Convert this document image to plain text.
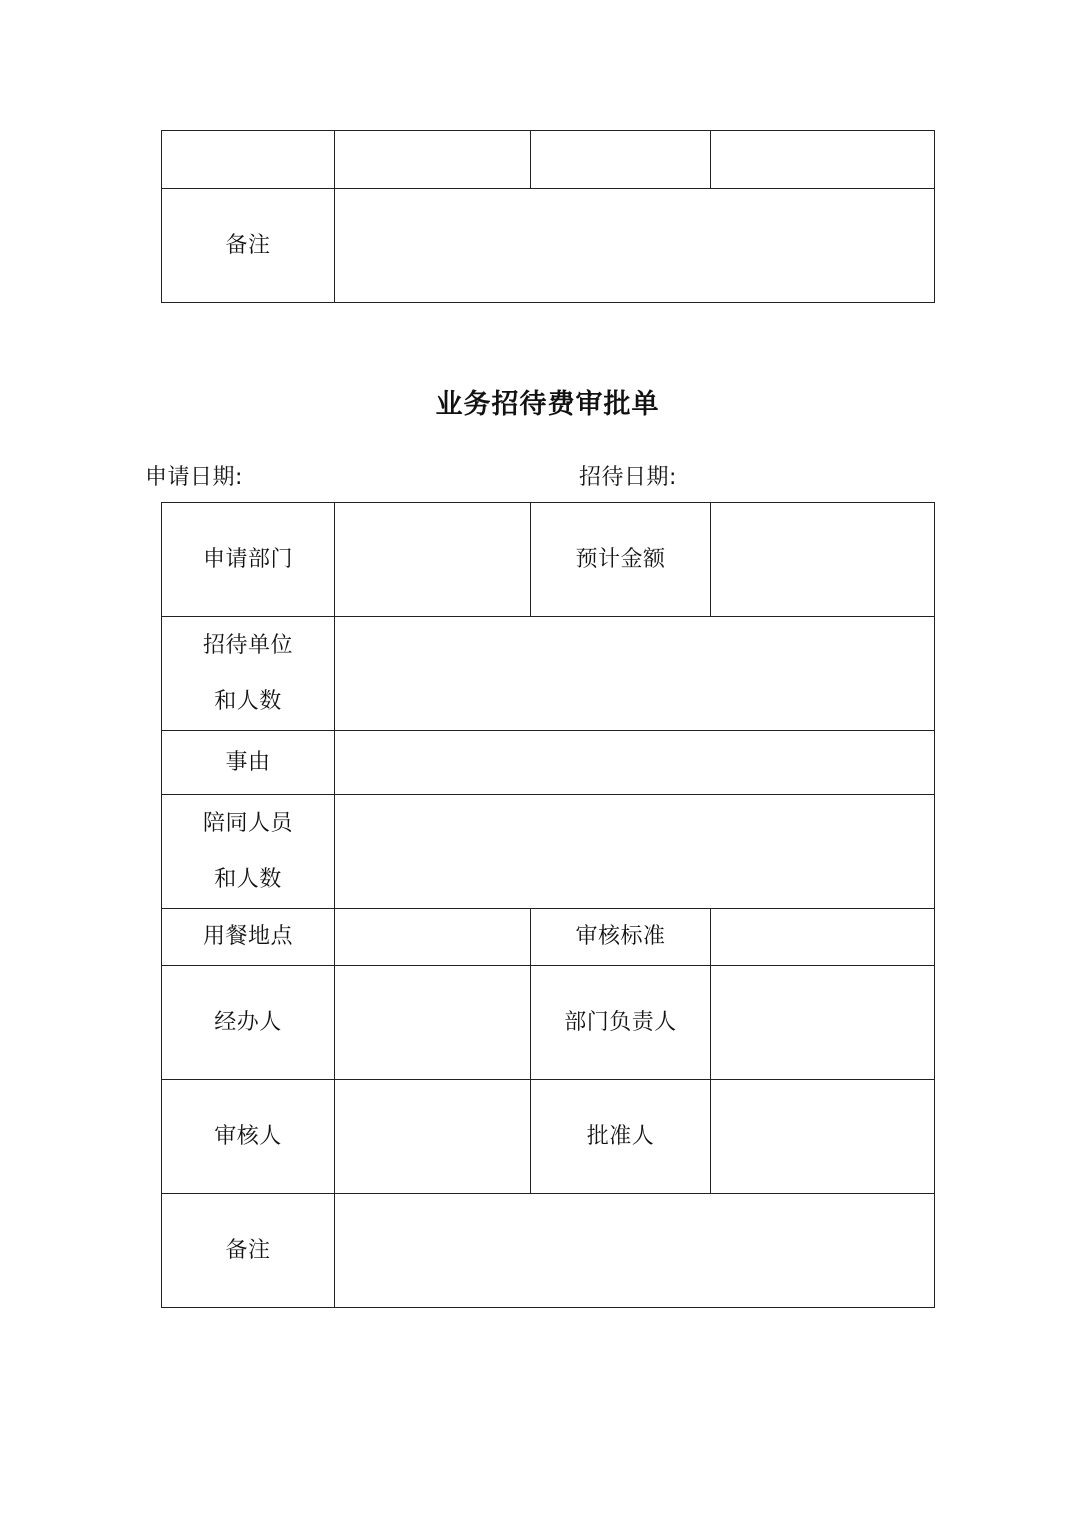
备注			
业务招待费审批单
申请日期:	招待日期:
申请部门		预计金额	

招待单位
和人数			

事由			

陪同人员
和人数			

用餐地点		审核标准	
经办人		部门负责人	
审核人		批准人	
备注			
